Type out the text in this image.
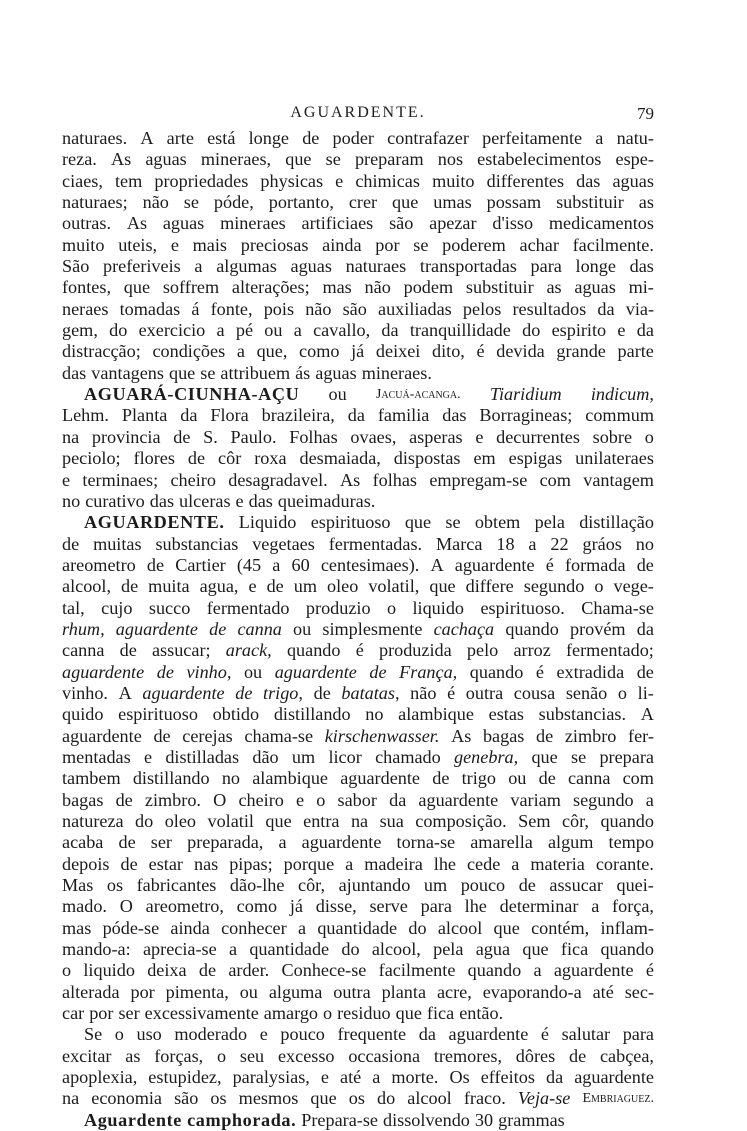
AGUARDENTE.	79
naturaes. A arte está longe de poder contrafazer perfeitamente a natu-
reza. As aguas mineraes, que se preparam nos estabelecimentos espe-
ciaes, tem propriedades physicas e chimicas muito differentes das aguas
naturaes; não se póde, portanto, crer que umas possam substituir as
outras. As aguas mineraes artificiaes são apezar d'isso medicamentos
muito uteis, e mais preciosas ainda por se poderem achar facilmente.
São preferiveis a algumas aguas naturaes transportadas para longe das
fontes, que soffrem alterações; mas não podem substituir as aguas mi-
neraes tomadas á fonte, pois não são auxiliadas pelos resultados da via-
gem, do exercicio a pé ou a cavallo, da tranquillidade do espirito e da
distracção; condições a que, como já deixei dito, é devida grande parte
das vantagens que se attribuem ás aguas mineraes.
AGUARÁ-CIUNHA-AÇU ou Jacuá-acanga. Tiaridium indicum,
Lehm. Planta da Flora brazileira, da familia das Borragineas; commum
na provincia de S. Paulo. Folhas ovaes, asperas e decurrentes sobre o
peciolo; flores de côr roxa desmaiada, dispostas em espigas unilateraes
e terminaes; cheiro desagradavel. As folhas empregam-se com vantagem
no curativo das ulceras e das queimaduras.
AGUARDENTE. Liquido espirituoso que se obtem pela distillação
de muitas substancias vegetaes fermentadas. Marca 18 a 22 gráos no
areometro de Cartier (45 a 60 centesimaes). A aguardente é formada de
alcool, de muita agua, e de um oleo volatil, que differe segundo o vege-
tal, cujo succo fermentado produzio o liquido espirituoso. Chama-se
rhum, aguardente de canna ou simplesmente cachaça quando provém da
canna de assucar; arack, quando é produzida pelo arroz fermentado;
aguardente de vinho, ou aguardente de França, quando é extradida de
vinho. A aguardente de trigo, de batatas, não é outra cousa senão o li-
quido espirituoso obtido distillando no alambique estas substancias. A
aguardente de cerejas chama-se kirschenwasser. As bagas de zimbro fer-
mentadas e distilladas dão um licor chamado genebra, que se prepara
tambem distillando no alambique aguardente de trigo ou de canna com
bagas de zimbro. O cheiro e o sabor da aguardente variam segundo a
natureza do oleo volatil que entra na sua composição. Sem côr, quando
acaba de ser preparada, a aguardente torna-se amarella algum tempo
depois de estar nas pipas; porque a madeira lhe cede a materia corante.
Mas os fabricantes dão-lhe côr, ajuntando um pouco de assucar quei-
mado. O areometro, como já disse, serve para lhe determinar a força,
mas póde-se ainda conhecer a quantidade do alcool que contém, inflam-
mando-a: aprecia-se a quantidade do alcool, pela agua que fica quando
o liquido deixa de arder. Conhece-se facilmente quando a aguardente é
alterada por pimenta, ou alguma outra planta acre, evaporando-a até sec-
car por ser excessivamente amargo o residuo que fica então.
Se o uso moderado e pouco frequente da aguardente é salutar para
excitar as forças, o seu excesso occasiona tremores, dôres de cabçea,
apoplexia, estupidez, paralysias, e até a morte. Os effeitos da aguardente
na economia são os mesmos que os do alcool fraco. Veja-se Embriaguez.
Aguardente camphorada. Prepara-se dissolvendo 30 grammas
